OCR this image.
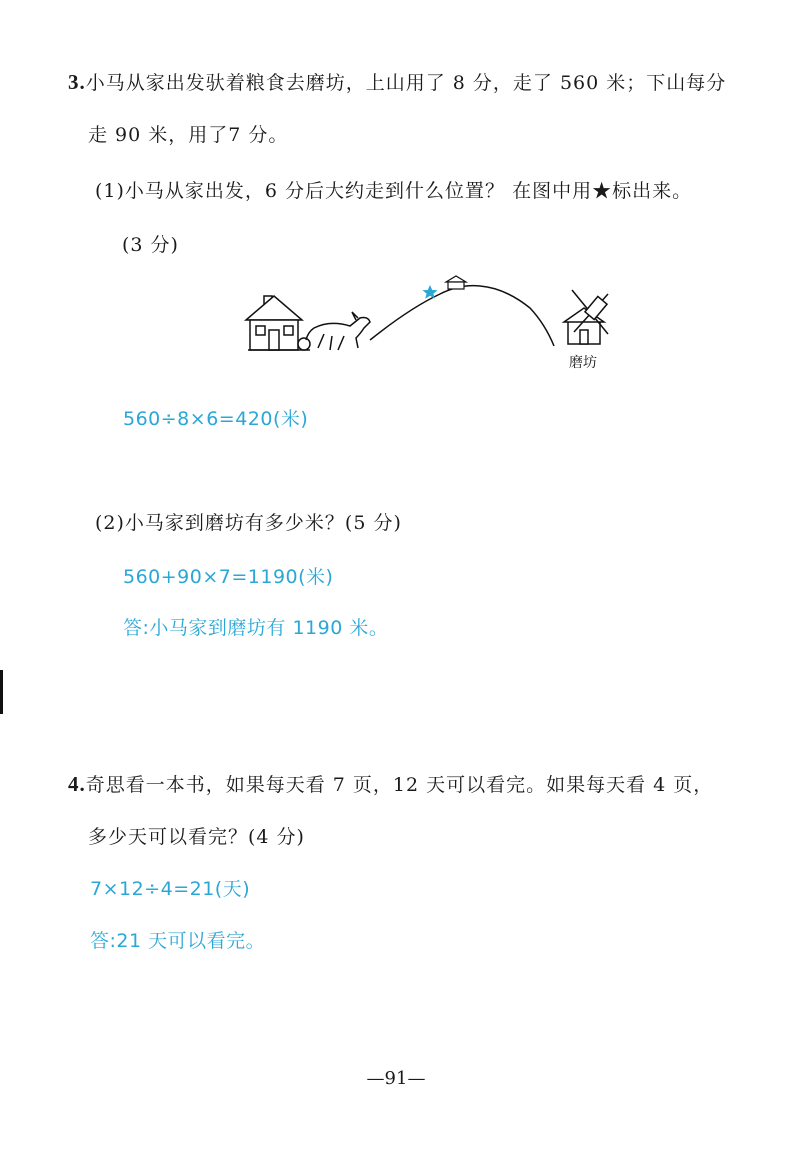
3.小马从家出发驮着粮食去磨坊，上山用了 8 分，走了 560 米；下山每分
走 90 米，用了7 分。
(1)小马从家出发，6 分后大约走到什么位置？ 在图中用★标出来。
(3 分)
磨坊
560÷8×6=420(米)
(2)小马家到磨坊有多少米？(5 分)
560+90×7=1190(米)
答:小马家到磨坊有 1190 米。
4.奇思看一本书，如果每天看 7 页，12 天可以看完。如果每天看 4 页，
多少天可以看完？(4 分)
7×12÷4=21(天)
答:21 天可以看完。
—91—
